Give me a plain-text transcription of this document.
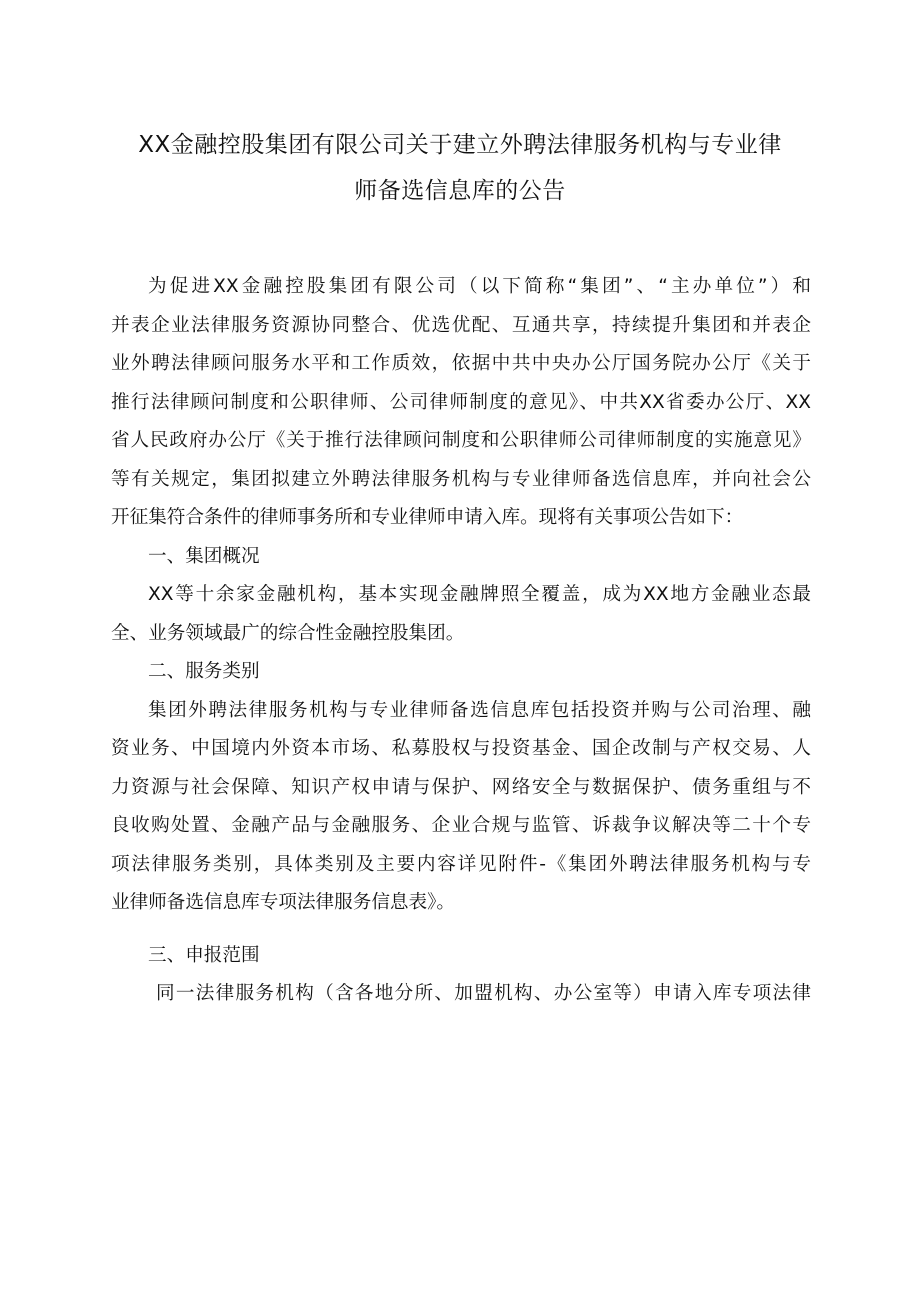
XX金融控股集团有限公司关于建立外聘法律服务机构与专业律
师备选信息库的公告
为促进XX金融控股集团有限公司（以下简称“集团”、“主办单位”）和
并表企业法律服务资源协同整合、优选优配、互通共享，持续提升集团和并表企
业外聘法律顾问服务水平和工作质效，依据中共中央办公厅国务院办公厅《关于
推行法律顾问制度和公职律师、公司律师制度的意见》、中共XX省委办公厅、XX
省人民政府办公厅《关于推行法律顾问制度和公职律师公司律师制度的实施意见》
等有关规定，集团拟建立外聘法律服务机构与专业律师备选信息库，并向社会公
开征集符合条件的律师事务所和专业律师申请入库。现将有关事项公告如下：
一、集团概况
XX等十余家金融机构，基本实现金融牌照全覆盖，成为XX地方金融业态最
全、业务领域最广的综合性金融控股集团。
二、服务类别
集团外聘法律服务机构与专业律师备选信息库包括投资并购与公司治理、融
资业务、中国境内外资本市场、私募股权与投资基金、国企改制与产权交易、人
力资源与社会保障、知识产权申请与保护、网络安全与数据保护、债务重组与不
良收购处置、金融产品与金融服务、企业合规与监管、诉裁争议解决等二十个专
项法律服务类别，具体类别及主要内容详见附件-《集团外聘法律服务机构与专
业律师备选信息库专项法律服务信息表》。
三、申报范围
同一法律服务机构（含各地分所、加盟机构、办公室等）申请入库专项法律
